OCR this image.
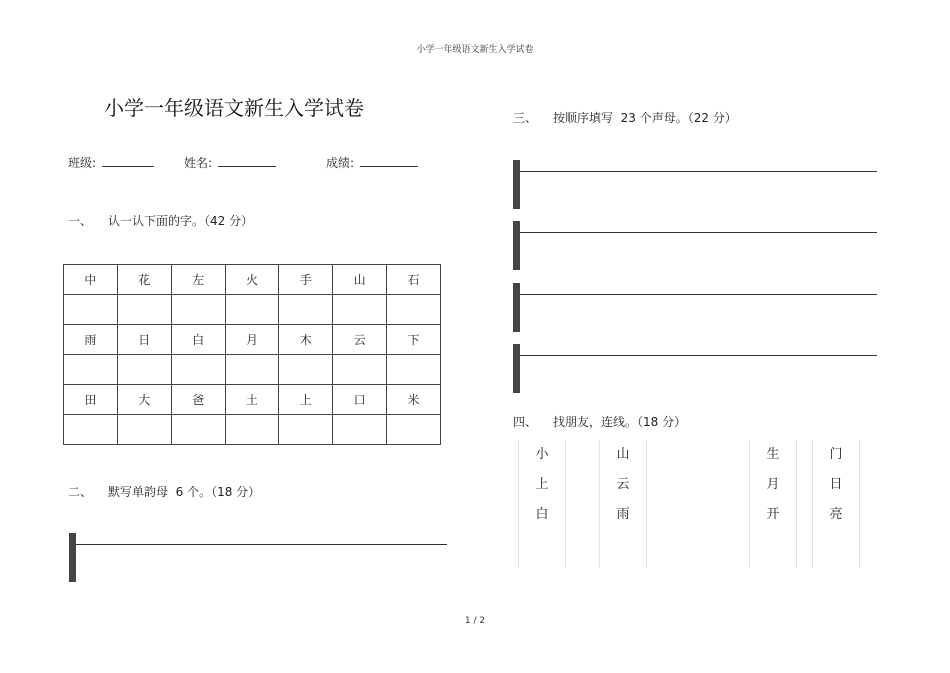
小学一年级语文新生入学试卷
小学一年级语文新生入学试卷
班级:	姓名:	成绩:
一、 认一认下面的字。（42 分）
中	花	左	火	手	山	石

雨	日	白	月	木	云	下

田	大	爸	土	上	口	米

二、 默写单韵母  6 个。（18 分）

三、 按顺序填写  23 个声母。（22 分）

四、 找朋友，连线。（18 分）
小
上
白
山
云
雨
生
月
开
门
日
亮
1 / 2
